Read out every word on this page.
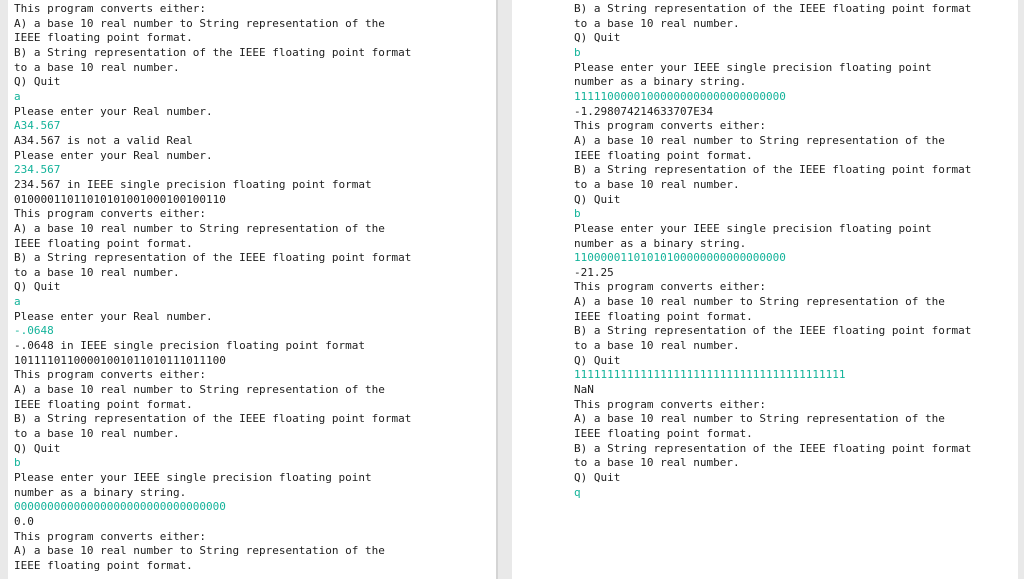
This program converts either:
A) a base 10 real number to String representation of the
IEEE floating point format.
B) a String representation of the IEEE floating point format
to a base 10 real number.
Q) Quit
a
Please enter your Real number.
A34.567
A34.567 is not a valid Real
Please enter your Real number.
234.567
234.567 in IEEE single precision floating point format
01000011011010101001000100100110
This program converts either:
A) a base 10 real number to String representation of the
IEEE floating point format.
B) a String representation of the IEEE floating point format
to a base 10 real number.
Q) Quit
a
Please enter your Real number.
-.0648
-.0648 in IEEE single precision floating point format
10111101100001001011010111011100
This program converts either:
A) a base 10 real number to String representation of the
IEEE floating point format.
B) a String representation of the IEEE floating point format
to a base 10 real number.
Q) Quit
b
Please enter your IEEE single precision floating point
number as a binary string.
00000000000000000000000000000000
0.0
This program converts either:
A) a base 10 real number to String representation of the
IEEE floating point format.
B) a String representation of the IEEE floating point format
to a base 10 real number.
Q) Quit
b
Please enter your IEEE single precision floating point
number as a binary string.
11111000001000000000000000000000
-1.298074214633707E34
This program converts either:
A) a base 10 real number to String representation of the
IEEE floating point format.
B) a String representation of the IEEE floating point format
to a base 10 real number.
Q) Quit
b
Please enter your IEEE single precision floating point
number as a binary string.
11000001101010100000000000000000
-21.25
This program converts either:
A) a base 10 real number to String representation of the
IEEE floating point format.
B) a String representation of the IEEE floating point format
to a base 10 real number.
Q) Quit
11111111111111111111111111111111111111111
NaN
This program converts either:
A) a base 10 real number to String representation of the
IEEE floating point format.
B) a String representation of the IEEE floating point format
to a base 10 real number.
Q) Quit
q
